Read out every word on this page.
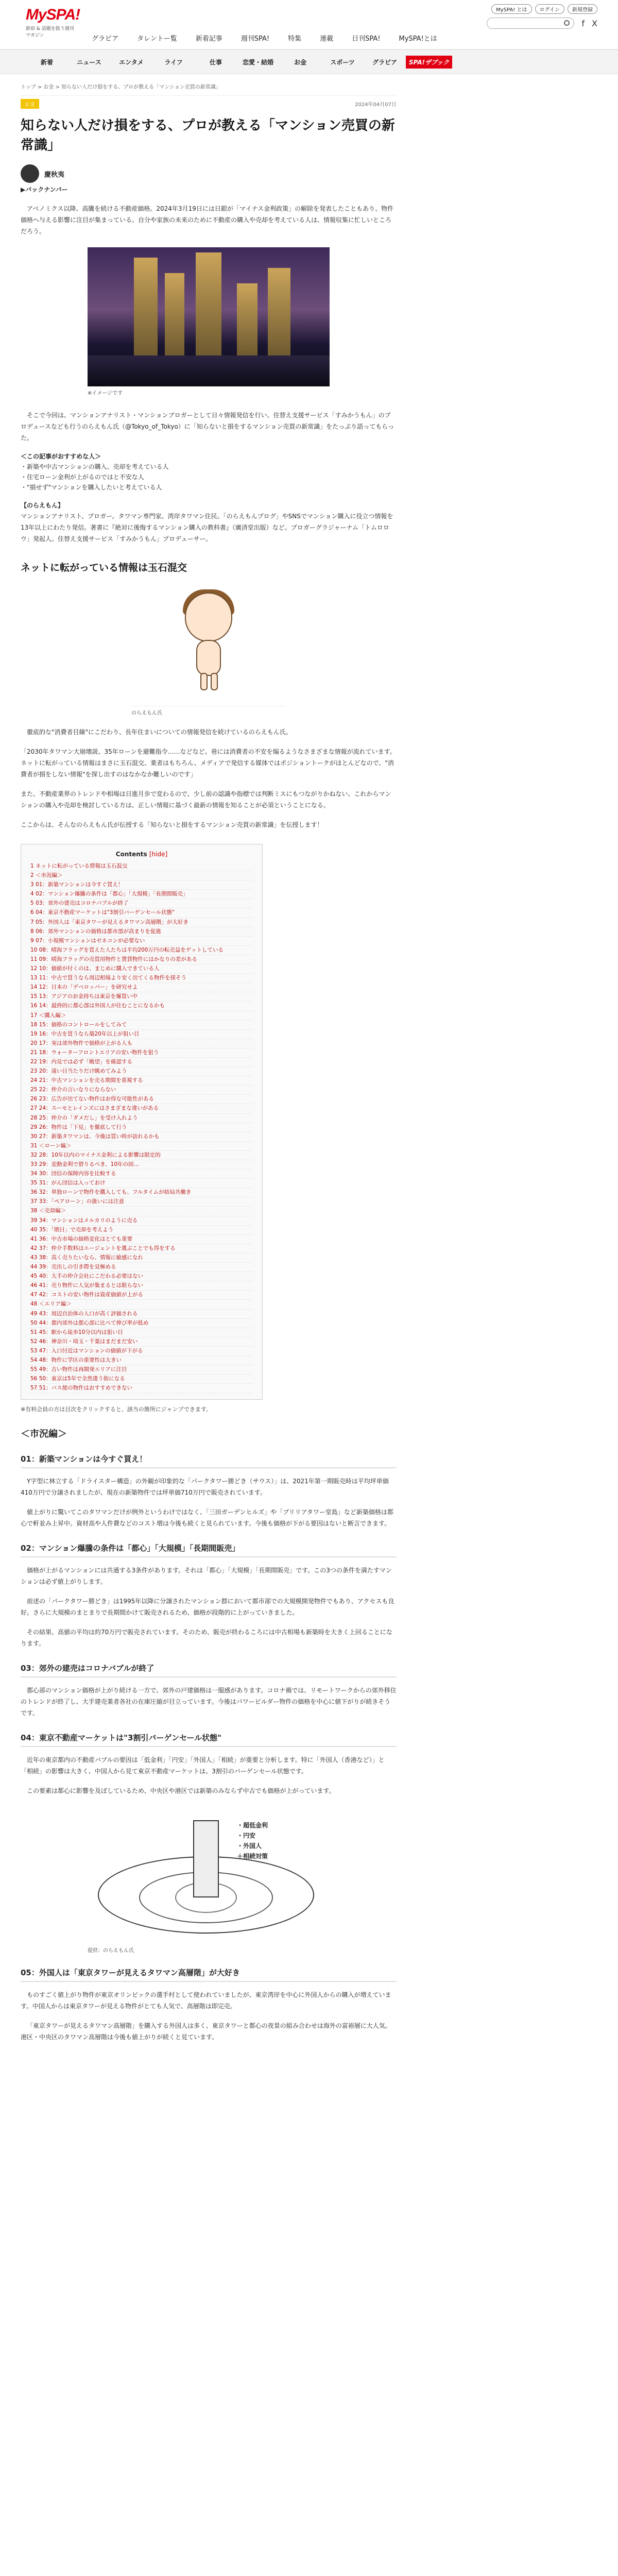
MySPA!
新宿 & 話題を扱う週刊マガジン	グラビア	タレントー覧	新着記事	週刊SPA!	特集	連載	日刊SPA!	MySPA!とは
MySPA! とは	ログイン	新規登録
f X
新着	ニュース	エンタメ	ライフ	仕事	恋愛・結婚	お金	スポーツ	グラビア	SPA!ザブック
トップ > お金 > 知らない人だけ損をする、プロが教える「マンション売買の新常識」
お金	2024年04月07日
知らない人だけ損をする、プロが教える「マンション売買の新常識」
慶秋夷
▶バックナンバー

アベノミクス以降、高騰を続ける不動産価格。2024年3月19日には日銀が「マイナス金利政策」の解除を発表したこともあり、物件価格へ与える影響に注目が集まっている。自分や家族の未来のために不動産の購入や売却を考えている人は、情報収集に忙しいところだろう。

※イメージです

そこで今回は、マンションアナリスト・マンションブロガーとして日々情報発信を行い、住替え支援サービス「すみかうもん」のプロデュースなども行うのらえもん氏（@Tokyo_of_Tokyo）に「知らないと損をするマンション売買の新常識」をたっぷり語ってもらった。

＜この記事がおすすめな人＞
・新築や中古マンションの購入、売却を考えている人
・住宅ローン金利が上がるのではと不安な人
・"損せず"マンションを購入したいと考えている人
【のらえもん】

マンションアナリスト、ブロガー。タワマン専門家、湾岸タワマン住民。「のらえもんブログ」やSNSでマンション購入に役立つ情報を13年以上にわたり発信。著書に『絶対に後悔するマンション購入の教科書』（廣済堂出版）など。ブロガーグラジャーナム「トムロロウ」発起人。住替え支援サービス「すみかうもん」プロデューサー。

ネットに転がっている情報は玉石混交
のらえもん氏

徹底的な"消費者目線"にこだわり、長年住まいについての情報発信を続けているのらえもん氏。

「2030年タワマン大崩壊説、35年ローンを避難指令……などなど。巷には消費者の不安を煽るようなさまざまな情報が流れています。ネットに転がっている情報はまさに玉石混交、業者はもちろん、メディアで発信する媒体ではポジショントークがほとんどなので、"消費者が損をしない情報"を探し出すのはなかなか難しいのです」

また、不動産業界のトレンドや相場は日進月歩で変わるので、少し前の認識や指標では判断ミスにもつながりかねない、これからマンションの購入や売却を検討している方は、正しい情報に基づく最新の情報を知ることが必須ということになる。

ここからは、そんなのらえもん氏が伝授する「知らないと損をするマンション売買の新常識」を伝授します！

Contents [hide]
1 ネットに転がっている情報は玉石混交
2 ＜市況編＞
3 01：新築マンションは今すぐ買え！
4 02：マンション爆騰の条件は「都心」「大規模」「長期間販売」
5 03：郊外の建売はコロナバブルが終了
6 04：東京不動産マーケットは"3割引バーゲンセール状態"
7 05：外国人は「東京タワーが見えるタワマン高層階」が大好き
8 06：郊外マンションの価格は都市部が高まりを促進
9 07：小規模マンションはゼネコンが必要ない
10 08：晴海フラッグを買えた人たちは平均200万円の転売益をゲットしている
11 09：晴海フラッグの売買用物件と賃貸物件にはかなりの差がある
12 10：価値が付くのは、まじめに購入できている人
13 11：中古で買うなら周辺相場より安く出てくる物件を探そう
14 12：日本の「デベロッパー」を研究せよ
15 13：アジアのお金持ちは東京を爆買い中
16 14：最終的に都心部は外国人が住むことになるかも
17 ＜購入編＞
18 15：価格のコントロールをしてみて
19 16：中古を買うなら築20年以上が狙い目
20 17：実は郊外物件で価格が上がる人も
21 18：ウォーターフロントエリアの安い物件を狙う
22 19：内見では必ず「眺望」を確認する
23 20：遠い日当たりだけ眺めてみよう
24 21：中古マンションを売る期間を重視する
25 22：仲介の言いなりにならない
26 23：広告が出てない物件はお得な可能性がある
27 24：スーモとレインズにはさまざまな違いがある
28 25：仲介の「ダメだし」を受け入れよう
29 26：物件は「下見」を徹底して行う
30 27：新築タワマンは、今後は買い時が訪れるかも
31 ＜ローン編＞
32 28：10年以内のマイナス金利による影響は限定的
33 29：変動金利で借りるべき、10年の固…
34 30：団信の保障内容を比較する
35 31：がん団信は入っておけ
36 32：単独ローンで物件を購入しても、フルタイムが結局共働き
37 33：「ペアローン」の扱いには注意
38 ＜売却編＞
39 34：マンションはメルカリのように売る
40 35：「期日」で売却を考えよう
41 36：中古市場の価格変化はとても重要
42 37：仲介手数料はエージェントを選ぶことでも得をする
43 38：高く売りたいなら、情報に敏感になれ
44 39：売出しの引き際を見極める
45 40：大手の仲介会社にこだわる必要はない
46 41：売り物件に人気が集まるとは限らない
47 42：コストの安い物件は資産価値が上がる
48 ＜エリア編＞
49 43：周辺自治体の人口が高く評価される
50 44：都内郊外は都心部に比べて伸び率が低め
51 45：駅から徒歩10分以内は狙い目
52 46：神奈川・埼玉・千葉はまだまだ安い
53 47：入口付近はマンションの価値が下がる
54 48：物件に学区の重要性は大きい
55 49：古い物件は再開発エリアに注目
56 50：東京は5年で全然違う街になる
57 51：バス便の物件はおすすめできない
※有料会員の方は目次をクリックすると、該当の箇所にジャンプできます。
＜市況編＞
01：新築マンションは今すぐ買え！

Y字型に林立する「ドライスター構造」の外観が印象的な「パークタワー勝どき（サウス）」は、2021年第一期販売時は平均坪単価410万円で分譲されましたが、現在の新築物件では坪単価710万円で販売されています。

値上がりに驚いてこのタワマンだけが例外というわけではなく、「三田ガーデンヒルズ」や「ブリリアタワー堂島」など新築価格は都心で軒並み上昇中。資材高や人件費などのコスト増は今後も続くと見られています。今後も価格が下がる要因はないと断言できます。

02：マンション爆騰の条件は「都心」「大規模」「長期間販売」

価格が上がるマンションには共通する3条件があります。それは「都心」「大規模」「長期間販売」です。この3つの条件を満たすマンションは必ず値上がりします。

前述の「パークタワー勝どき」は1995年以降に分譲されたマンション群において都市部での大規模開発物件でもあり、アクセスも良好。さらに大規模のまとまりで長期間かけて販売されるため、価格が段階的に上がっていきました。

その結果、高値の平均は約70万円で販売されています。そのため、販売が終わるころには中古相場も新築時を大きく上回ることになります。

03：郊外の建売はコロナバブルが終了

郡心部のマンション価格が上がり続ける一方で、郊外の戸建価格は一服感があります。コロナ禍では、リモートワークからの郊外移住のトレンドが終了し、大手建売業者各社の在庫圧縮が目立っています。今後はパワービルダー物件の価格を中心に値下がりが続きそうです。

04：東京不動産マーケットは"3割引バーゲンセール状態"

近年の東京都内の不動産バブルの要因は「低金利」「円安」「外国人」「相続」が重要と分析します。特に「外国人（香港など）」と「相続」の影響は大きく、中国人から見て東京不動産マーケットは、3割引のバーゲンセール状態です。

この要素は都心に影響を及ぼしているため、中央区や港区では新築のみならず中古でも価格が上がっています。

・超低金利
・円安
・外国人
＋相続対策
提供：のらえもん氏
05：外国人は「東京タワーが見えるタワマン高層階」が大好き

ものすごく値上がり物件が東京オリンピックの選手村として使われていましたが、東京湾岸を中心に外国人からの購入が増えています。中国人からは東京タワーが見える物件がとても人気で、高層階は即完売。

「東京タワーが見えるタワマン高層階」を購入する外国人は多く、東京タワーと都心の夜景の組み合わせは海外の富裕層に大人気。港区・中央区のタワマン高層階は今後も値上がりが続くと見ています。
